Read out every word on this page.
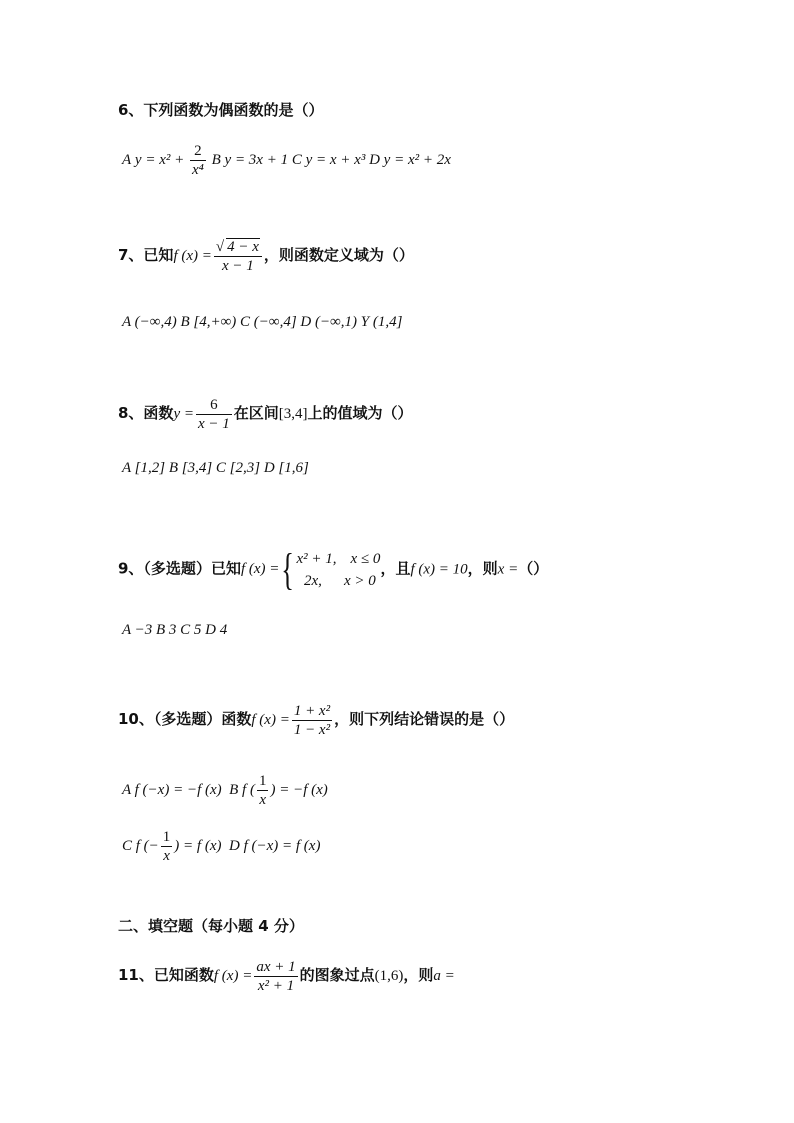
6、下列函数为偶函数的是（）
A $y = x^2 + \frac{2}{\text{x⁴}}$ B y = 3x + 1 C y = x + x³ D y = x² + 2x
7、已知f $(x) = \frac{√ 4 - x}{x - 1}$ ，则函数定义域为（）
A (−∞,4) B [4,+∞) C (−∞,4] D (−∞,1) Y (1,4]
8、函数$y = \frac{6}{x - 1}$ 在区间[3,4]上的值域为（）
A [1,2] B [3,4] C [2,3] D [1,6]
9、（多选题）已知f (x) ={ x² + 1, x ≤ 0
2x, x > 0
，且f (x) = 10，则x =（）
A −3 B 3 C 5 D 4
10、（多选题）函数f $(x) = \frac{\text{1 + x²}}{\text{1 − x²}}$ ，则下列结论错误的是（）
A f (−x) = −f (x) B f ( $\frac{1}{x}$ ) = −f (x)
C f (− $\frac{1}{x}$ ) = f (x) D f (−x) = f (x)
二、填空题（每小题 4 分）
11、已知函数f $(x) = \frac{ax + 1}{\text{x² + 1}}$ 的图象过点(1,6)，则a =
